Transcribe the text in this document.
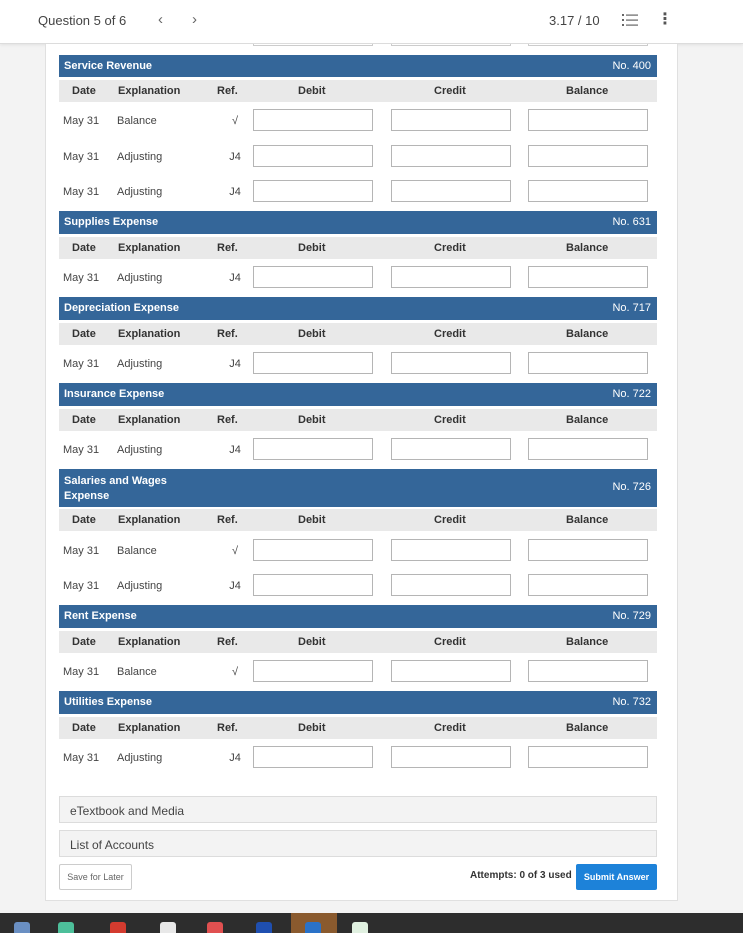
Question 5 of 6 ‹ ›	3.17 / 10	⋮
Service Revenue	No. 400
Date Explanation	Ref.	Debit	Credit	Balance
May 31 Balance	√
May 31 Adjusting	J4
May 31 Adjusting	J4
Supplies Expense	No. 631
Date Explanation	Ref.	Debit	Credit	Balance
May 31 Adjusting	J4
Depreciation Expense	No. 717
Date Explanation	Ref.	Debit	Credit	Balance
May 31 Adjusting	J4
Insurance Expense	No. 722
Date Explanation	Ref.	Debit	Credit	Balance
May 31 Adjusting	J4
Salaries and Wages Expense
No. 726
Date Explanation	Ref.	Debit	Credit	Balance
May 31 Balance	√
May 31 Adjusting	J4
Rent Expense	No. 729
Date Explanation	Ref.	Debit	Credit	Balance
May 31 Balance	√
Utilities Expense	No. 732
Date Explanation	Ref.	Debit	Credit	Balance
May 31 Adjusting	J4
eTextbook and Media
List of Accounts
Save for Later	Attempts: 0 of 3 used	Submit Answer
